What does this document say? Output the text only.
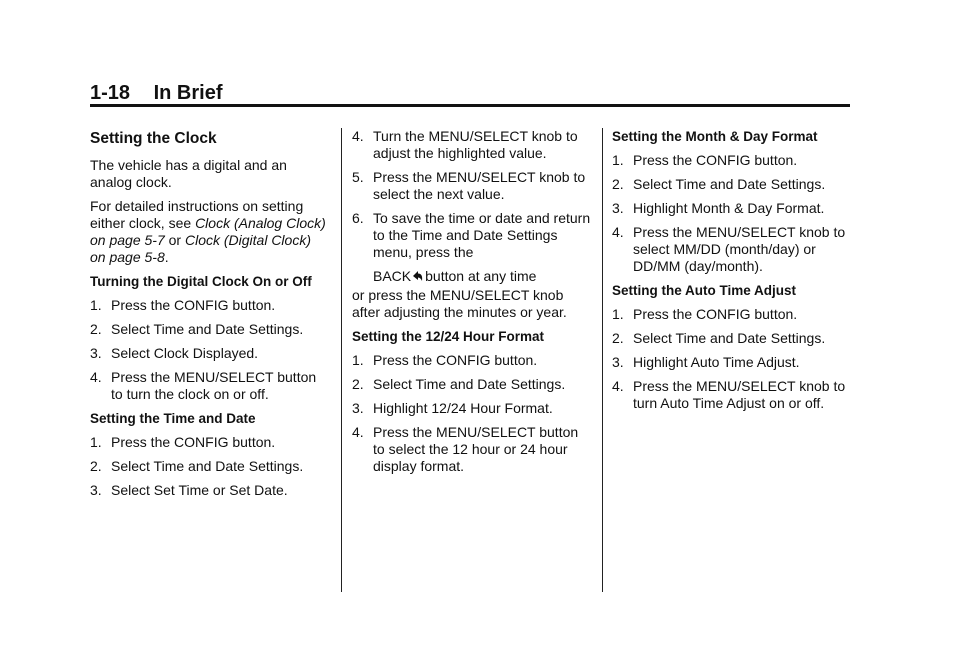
1-18 In Brief
Setting the Clock

The vehicle has a digital and an analog clock.

For detailed instructions on setting either clock, see Clock (Analog Clock) on page 5‑7 or Clock (Digital Clock) on page 5‑8.

Turning the Digital Clock On or Off
1. Press the CONFIG button.
2. Select Time and Date Settings.
3. Select Clock Displayed.
4. Press the MENU/SELECT button to turn the clock on or off.
Setting the Time and Date
1. Press the CONFIG button.
2. Select Time and Date Settings.
3. Select Set Time or Set Date.
4. Turn the MENU/SELECT knob to adjust the highlighted value.
5. Press the MENU/SELECT knob to select the next value.
6. To save the time or date and return to the Time and Date Settings menu, press the

BACK button at any time

or press the MENU/SELECT knob after adjusting the minutes or year.

Setting the 12/24 Hour Format
1. Press the CONFIG button.
2. Select Time and Date Settings.
3. Highlight 12/24 Hour Format.
4. Press the MENU/SELECT button to select the 12 hour or 24 hour display format.
Setting the Month & Day Format
1. Press the CONFIG button.
2. Select Time and Date Settings.
3. Highlight Month & Day Format.
4. Press the MENU/SELECT knob to select MM/DD (month/day) or DD/MM (day/month).
Setting the Auto Time Adjust
1. Press the CONFIG button.
2. Select Time and Date Settings.
3. Highlight Auto Time Adjust.
4. Press the MENU/SELECT knob to turn Auto Time Adjust on or off.
